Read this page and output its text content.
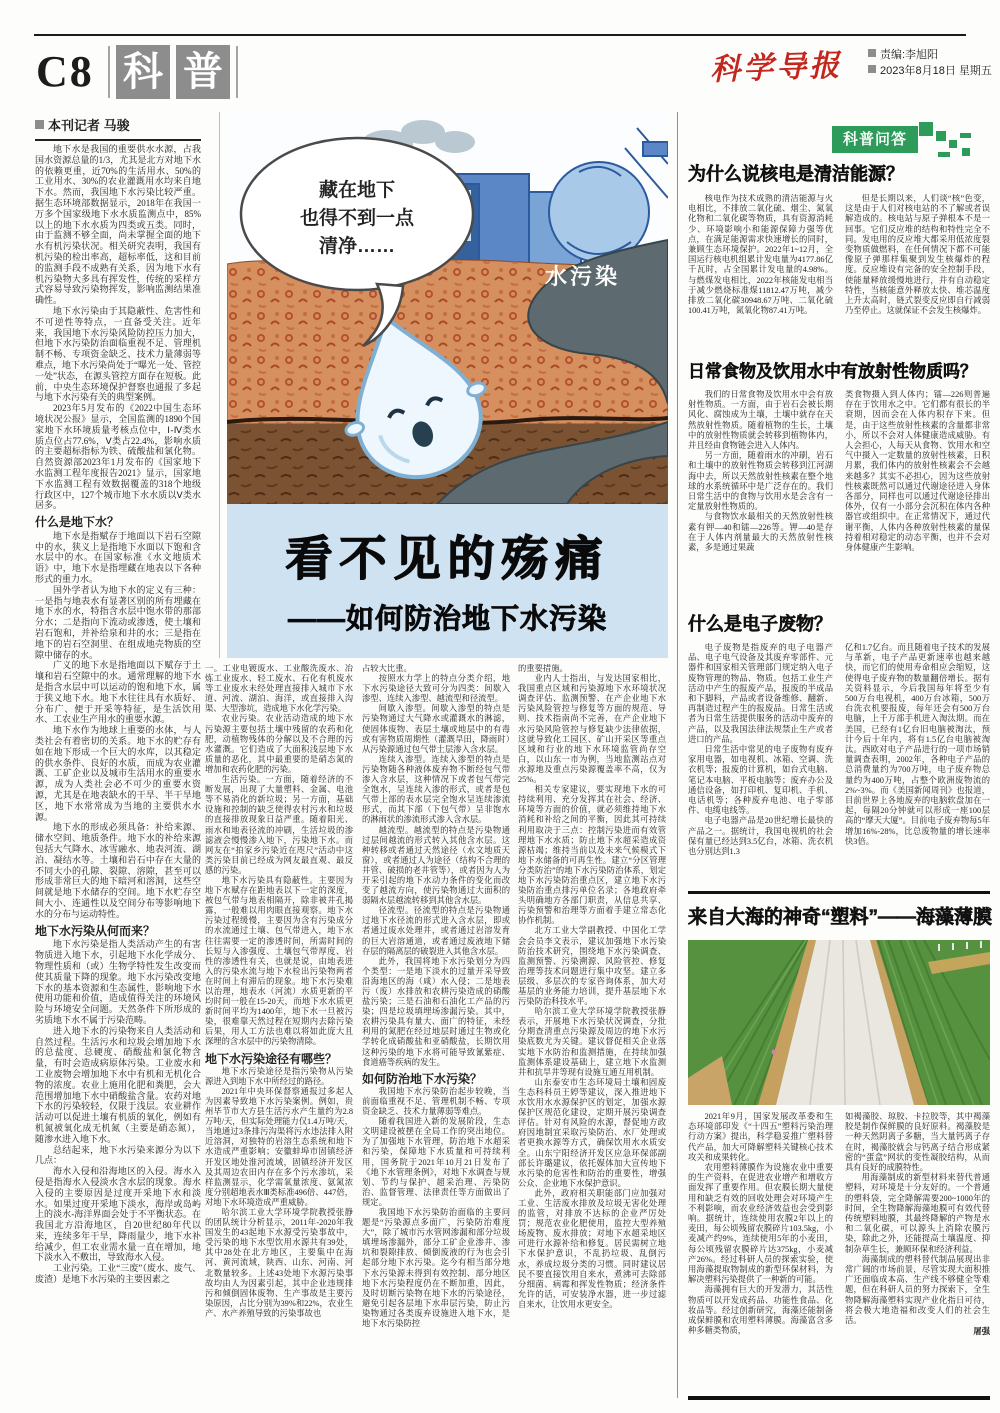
C8 科 普	科学导报	责编:李旭阳
2023年8月18日 星期五
本刊记者 马骏

地下水是我国的重要供水水源，占我国水资源总量的1/3，尤其是北方对地下水的依赖更重，近70%的生活用水、50%的工业用水、30%的农业灌溉用水均来自地下水。然而，我国地下水污染比较严重。据生态环境部数据显示，2018年在我国一万多个国家级地下水水质监测点中，85%以上的地下水水质为四类或五类。同时，由于监测不够全面，尚未掌握全面的地下水有机污染状况。相关研究表明，我国有机污染的检出率高，超标率低，这和目前的监测手段不成熟有关系，因为地下水有机污染物大多具有挥发性，传统的采样方式容易导致污染物挥发，影响监测结果准确性。

地下水污染由于其隐蔽性、危害性和不可逆性等特点，一直备受关注。近年来，我国地下水污染风险防控压力加大，但地下水污染防治面临重视不足、管理机制不畅、专项资金缺乏、技术力量薄弱等难点，地下水污染尚处于“曝光一处、管控一处”状态，在源头管控方面存在短板。此前，中央生态环境保护督察也通报了多起与地下水污染有关的典型案例。

2023年5月发布的《2022中国生态环境状况公报》显示，全国监测的1890个国家地下水环境质量考核点位中，Ⅰ-Ⅳ类水质点位占77.6%，Ⅴ类占22.4%，影响水质的主要超标指标为铁、硫酸盐和氯化物。自然资源部2023年1月发布的《国家地下水监测工程年度报告2021》显示，国家地下水监测工程有效数据覆盖的318个地级行政区中，127个城市地下水水质以Ⅴ类水居多。

什么是地下水？

地下水是指赋存于地面以下岩石空隙中的水，狭义上是指地下水面以下饱和含水层中的水。在国家标准《水文地质术语》中，地下水是指埋藏在地表以下各种形式的重力水。

国外学者认为地下水的定义有三种：一是指与地表水有显著区别的所有埋藏在地下水的水，特指含水层中饱水带的那部分水；二是指向下流动或渗透，使土壤和岩石饱和，并补给泉和井的水；三是指在地下的岩石空洞里、在组成地壳物质的空隙中储存的水。

广义的地下水是指地面以下赋存于土壤和岩石空隙中的水。通常理解的地下水是指含水层中可以运动的饱和地下水，属于狭义地下水。地下水往往具有水质好、分布广、便于开采等特征，是生活饮用水、工农业生产用水的重要水源。

地下水作为地球上重要的水体，与人类社会有着密切的关系。地下水的贮存有如在地下形成一个巨大的水库，以其稳定的供水条件、良好的水质，而成为农业灌溉、工矿企业以及城市生活用水的重要水源，成为人类社会必不可少的重要水资源，尤其是在地表缺水的干旱、半干旱地区，地下水常常成为当地的主要供水水源。

地下水的形成必须具备：补给来源、储水空间、地质条件。地下水的补给来源包括大气降水、冰雪融水、地表河流、湖泊、凝结水等。土壤和岩石中存在大量的不同大小的孔隙、裂隙、溶隙，甚至可以形成非常巨大的地下暗河和溶洞，这些空间就是地下水储存的空间。地下水贮存空间大小、连通性以及空间分布等影响地下水的分布与运动特性。

地下水污染从何而来？

地下水污染是指人类活动产生的有害物质进入地下水，引起地下水化学成分、物理性质和（或）生物学特性发生改变而使其质量下降的现象。地下水污染改变地下水的基本资源和生态属性，影响地下水使用功能和价值，造成值得关注的环境风险与环境安全问题。天然条件下所形成的劣质地下水不属于污染范畴。

进入地下水的污染物来自人类活动和自然过程。生活污水和垃圾会增加地下水的总盐度、总硬度、硝酸盐和氯化物含量，有时会造成病原体污染。工业废水和工业废物会增加地下水中有机和无机化合物的浓度。农业上施用化肥和粪肥，会大范围增加地下水中硝酸盐含量。农药对地下水的污染较轻，仅限于浅层。农业耕作活动可以促进土壤有机质的氧化，例如有机氮被氧化成无机氮（主要是硝态氮），随渗水进入地下水。

总结起来，地下水污染来源分为以下几点：

海水入侵和沿海地区的入侵。海水入侵是指海水入侵淡水含水层的现象。海水入侵的主要原因是过度开采地下水和淡水。如果过度开采地下淡水，海岸或岛屿上的淡水-海洋界面会处于不平衡状态。在我国北方沿海地区，自20世纪80年代以来，连续多年干旱，降雨量少，地下水补给减少，但工农业需水量一直在增加，地下淡水入不敷出，导致海水入侵。

工业污染。工业“三废”（废水、废气、废渣）是地下水污染的主要因素之

水污染
藏在地下
也得不到一点
清净……
看不见的殇痛
——如何防治地下水污染

一。工业电镀废水、工业酸洗废水、冶炼工业废水、轻工废水、石化有机废水等工业废水未经处理直接排入城市下水道、河流、湖泊、海洋，或直接排入沟渠、大型渗坑，造成地下水化学污染。

农业污染。农业活动造成的地下水污染源主要包括土壤中残留的农药和化肥，动植物残体的分解以及不合理的污水灌溉。它们造成了大面积浅层地下水质量的恶化，其中最重要的是硝态氮的增加和农药化肥的污染。

生活污染。一方面，随着经济的不断发展，出现了大量塑料、金属、电池等不易消化的新垃圾；另一方面，基础设施和控制的缺乏使得农村污水和垃圾的直接排放现象日益严重。随着阳光、雨水和地表径流的冲刷，生活垃圾的渗滤液会慢慢渗入地下，污染地下水。而网友在“拍家乡污染近在咫尺”活动中这类污染目前已经成为网友最直观、最反感的污染。

地下水污染具有隐蔽性。主要因为地下水赋存在距地表以下一定的深度，被包气带与地表相隔开，除非被井孔揭露，一般难以用肉眼直接观察。地下水污染过程缓慢，主要因为含有污染成分的水流通过土壤、包气带进入，地下水往往需要一定的渗透时间，所需时间的长短与入渗强度、土壤包气带厚度、岩性的渗透性有关，也就是说，由地表进入的污染水流与地下水检出污染物两者在时间上有滞后的现象。地下水污染难以治理，地表水（河流）水质更新的平均时间一般在15-20天，而地下水水质更新时间平均为1400年，地下水一旦被污染，很难靠天然过程在短期内去除污染后果，用人工方法也难以将如此庞大且深埋的含水层中的污染物清除。

地下水污染途径有哪些？

地下水污染途径是指污染物从污染源进入到地下水中所经过的路径。

2021年中央环保督察通报过多起人为因素导致地下水污染案例。例如，贵州毕节市大方县生活污水产生量约为2.8万吨/天，但实际处理能力仅1.4万吨/天，当地通过3条排污沟渠将污水违法排入附近溶洞，对独特的岩溶生态系统和地下水造成严重影响；安徽蚌埠市固镇经济开发区地处淮河流域，固镇经济开发区及其周边农田内存在多个污水渗坑，采样监测显示，化学需氧量浓度、氨氮浓度分别超地表水Ⅲ类标准496倍、447倍，对地下水环境造成严重威胁。

哈尔滨工业大学环境学院教授张静的团队统计分析显示，2011年-2020年我国发生的43起地下水源受污染事故中，受污染的地下水型饮用水源共有39处，其中28处在北方地区，主要集中在海河、黄河流域，陕西、山东、河南、河北数量较多。上述43处地下水源污染事故均由人为因素引起，其中企业违规排污和倾倒固体废物、生产事故是主要污染原因，占比分别为39%和22%，农业生产、水产养殖导致的污染事故也

占较大比重。

按照水力学上的特点分类介绍，地下水污染途径大致可分为四类：间歇入渗型、连续入渗型、越流型和径流型。

间歇入渗型。间歇入渗型的特点是污染物通过大气降水或灌溉水的淋滤，使固体废物、表层土壤或地层中的有毒或有害物质周期性（灌溉旱田，降雨时）从污染源通过包气带土层渗入含水层。

连续入渗型。连续入渗型的特点是污染物随各种液体废弃物不断经包气带渗入含水层，这种情况下或者包气带完全饱水，呈连续入渗的形式，或者是包气带上部的表水层完全饱水呈连续渗流形式，而其下部（下包气带）呈非饱水的淋雨状的渗流形式渗入含水层。

越流型。越流型的特点是污染物通过层间越流的形式转入其他含水层。这种转移或者通过天然途径（水文地质天窗），或者通过人为途径（结构不合理的井管、破损的老井管等），或者因为人为开采引起的地下水动力条件的变化而改变了越流方向，使污染物通过大面积的弱隔水层越流转移到其他含水层。

径流型。径流型的特点是污染物通过地下水径流的形式进入含水层，即或者通过废水处理井，或者通过岩溶发育的巨大岩溶通道，或者通过废液地下储存层的隔离层的破裂进入其他含水层。

此外，我国将地下水污染划分为四个类型：一是地下淡水的过量开采导致沿海地区的海（咸）水入侵；二是地表污（废）水排放和农耕污染造成的硝酸盐污染；三是石油和石油化工产品的污染；四是垃圾填埋场渗漏污染。其中，农耕污染具有量大、面广的特征，未经利用的氮肥在经过地层时通过生物或化学转化成硝酸盐和亚硝酸盐，长期饮用这种污染的地下水将可能导致氰紫症、食道癌等疾病的发生。

如何防治地下水污染？

我国地下水污染防治起步较晚，当前面临重视不足、管理机制不畅、专项资金缺乏、技术力量薄弱等难点。

随着我国进入新的发展阶段，生态文明建设被摆在全局工作的突出地位。为了加强地下水管理，防治地下水超采和污染，保障地下水质量和可持续利用，国务院于2021年10月21日发布了《地下水管理条例》，对地下水调查与规划、节约与保护、超采治理、污染防治、监督管理、法律责任等方面做出了规定。

我国地下水污染防治面临的主要问题是“污染源点多面广，污染防治难度大”，除了城市污水管网渗漏和部分垃圾填埋场渗漏外，部分工矿企业渗井、渗坑和裂隙排放、倾倒废液的行为也会引起部分地下水污染。迄今有相当部分地下水污染源未得到有效控制、部分地区地下水污染程度仍在不断加重，因此，及时切断污染物在地下水的污染途径，避免引起各层地下水串层污染，防止污染物通过各类废弃设施进入地下水，是地下水污染防控

的重要措施。

业内人士指出，与发达国家相比，我国重点区域和污染源地下水环境状况调查评估、监测预警、在产企业地下水污染风险管控与修复等方面的规范、导则、技术指南尚不完善，在产企业地下水污染风险管控与修复缺少法律依据，这就导致化工园区、矿山开采区等重点区域和行业的地下水环境监管尚存空白，以山东一市为例，当地监测站点对水源地及重点污染源覆盖率不高，仅为25%。

相关专家建议，要实现地下水的可持续利用、充分发挥其在社会、经济、环境等方面的价值，就必须维持地下水消耗和补给之间的平衡，因此其可持续利用取决于三点：控制污染进而有效管理地下水水质；防止地下水超采造成资源枯竭；维持当前以及未来气候模式下地下水储备的可再生性。建立“分区管理 分类防治”的地下水污染防治体系，划定地下水污染防治重点区，建立地下水污染防治重点排污单位名录；各地政府牵头明确地方各部门职责，从信息共享、污染预警和治理等方面着手建立常态化协作机制。

北方工业大学副教授、中国化工学会会员李文表示，建议加强地下水污染防治技术研究，围绕地下水污染调查、监测预警、污染溯源、风险管控、修复治理等技术问题进行集中攻坚。建立多层级、多层次的专家咨询体系，加大对基层的业务能力培训，提升基层地下水污染防治科技水平。

哈尔滨工业大学环境学院教授张静表示，开展地下水污染状况调查，分批分期查清重点污染源及周边的地下水污染底数尤为关键。建议督促相关企业落实地下水防治和监测措施，在持续加强监测体系建设基础上，建立地下水监测井和抗旱井等现有设施互通互用机制。

山东泰安市生态环境局土壤和固废生态科科员王婷等建议，深入推进地下水饮用水水源保护区的划定，加强水源保护区规范化建设，定期开展污染调查评估。针对有风险的水源，督促地方政府因地制宜采取污染防治、水厂处理或者更换水源等方式，确保饮用水水质安全。山东宁阳经济开发区应急环保部副部长许璐建议，依托媒体加大宣传地下水污染的危害性和防治的重要性，增强公众、企业地下水保护意识。

此外，政府相关职能部门应加强对工业、生活废水排放及垃圾无害化处理的监管，对排放不达标的企业严厉处罚；规范农业化肥使用，监控大型养殖场废物、废水排放；对地下水超采地区可进行水源补给和修复。居民需树立地下水保护意识，不乱扔垃圾、乱倒污水，养成垃圾分类的习惯。同时建议居民不要直接饮用自来水，煮沸可去除部分细菌、病霉和挥发性物质；经济条件允许的话，可安装净水器，进一步过滤自来水，让饮用水更安全。

科普问答
为什么说核电是清洁能源？

核电作为技术成熟的清洁能源与火电相比，不排放二氧化硫、烟尘、氮氧化物和二氧化碳等物质，具有资源消耗少、环境影响小和能源保障力强等优点，在满足能源需求快速增长的同时，兼顾生态环境保护。2022年1~12月，全国运行核电机组累计发电量为4177.86亿千瓦时，占全国累计发电量的4.98%。与燃煤发电相比，2022年核能发电相当于减少燃烧标准煤11812.47万吨，减少排放二氧化碳30948.67万吨、二氧化硫100.41万吨，氮氧化物87.41万吨。

但是长期以来，人们谈“核”色变，这是由于人们对核电站的不了解或者误解造成的。核电站与原子弹根本不是一回事。它们反应堆的结构和特性完全不同。发电用的反应堆大都采用低浓度裂变物质做燃料，在任何情况下都不可能像原子弹那样集聚到发生核爆炸的程度。反应堆设有完备的安全控制手段，使能量释放缓慢地进行，并有自动稳定特性，当核能意外释放太快、堆芯温度上升太高时，链式裂变反应即自行减弱乃至停止。这就保证不会发生核爆炸。

日常食物及饮用水中有放射性物质吗？

我们的日常食物及饮用水中会有放射性物质。一方面，由于岩石会被长期风化、腐蚀成为土壤，土壤中就存在天然放射性物质。随着植物的生长，土壤中的放射性物质就会转移到植物体内，并且经由食物链会进入人体内。

另一方面，随着雨水的冲刷，岩石和土壤中的放射性物质会转移到江河湖海中去，所以天然放射性核素在整个地球的水系统循环中是广泛存在的。我们日常生活中的食物与饮用水是会含有一定量放射性物质的。

与食物饮水最相关的天然放射性核素有钾—40和镭—226等。钾—40是存在于人体内剂量最大的天然放射性核素，多是通过果蔬

类食物摄入到人体内；镭—226则普遍存在于饮用水之中。它们都有很长的半衰期，因而会在人体内积存下来。但是，由于这些放射性核素的含量都非常小，所以不会对人体健康造成威胁。有人会担心，人每天从食物、饮用水和空气中摄入一定数量的放射性核素，日积月累，我们体内的放射性核素会不会越来越多？其实不必担心，因为这些放射性核素既然可以通过代谢途径进入身体各部分，同样也可以通过代谢途径排出体外，仅有一小部分会沉积在体内各种器官或组织中。在正常情况下，通过代谢平衡，人体内各种放射性核素的量保持着相对稳定的动态平衡，也并不会对身体健康产生影响。

什么是电子废物？

电子废物是指废弃的电子电器产品、电子电气设备及其废弃零部件、元器件和国家相关管理部门规定纳入电子废物管理的物品、物质。包括工业生产活动中产生的报废产品，报废的半成品和下脚料，产品或者设备维修、翻新、再制造过程产生的报废品。日常生活或者为日常生活提供服务的活动中废弃的产品，以及我国法律法规禁止生产或者进口的产品。

日常生活中常见的电子废物有废弃家用电器，如电视机、冰箱、空调、洗衣机等；报废的计算机，如台式电脑、笔记本电脑、平板电脑等；废弃办公及通信设备，如打印机、复印机、手机、电话机等；各种废弃电池、电子零部件、电缆电线等。

电子电器产品是20世纪增长最快的产品之一。据统计，我国电视机的社会保有量已经达到3.5亿台，冰箱、洗衣机也分别达到1.3

亿和1.7亿台。而且随着电子技术的发展与革新，电子产品更新速率也越来越快，而它们的使用寿命相应会缩短，这使得电子废弃物的数量翻倍增长。据有关资料显示，今后我国每年将至少有500万台电视机，400万台冰箱，500万台洗衣机要报废，每年还会有500万台电脑，上千万部手机进入淘汰期。而在美国，已经有1亿台旧电脑被淘汰，预计今后十年内，将有1.5亿台电脑被淘汰。西欧对电子产品进行的一项市场销量调查表明，2002年，各种电子产品的总消费量约为700万吨，电子废弃物总量约为400万吨，占整个欧洲废物流的2%~3%。而《美国新闻周刊》也报道，目前世界上各地废弃的电脑软盘加在一起，每隔20分钟就可以形成一座100层高的“摩天大厦”。目前电子废弃物每5年增加16%-28%，比总废物量的增长速率快3倍。

来自大海的神奇“塑料”——海藻薄膜

2021年9月，国家发展改革委和生态环境部印发《“十四五”塑料污染治理行动方案》提出，科学稳妥推广塑料替代产品，加大可降解塑料关键核心技术攻关和成果转化。

农用塑料薄膜作为设施农业中重要的生产资料，在促进农业增产和增收方面发挥了重要作用。但农膜长期大量使用和缺乏有效的回收处理会对环境产生不利影响，而农业经济效益也会受到影响。据统计，连续使用农膜2年以上的麦田，每公顷残留农膜碎片103.5kg，小麦减产约9%，连续使用5年的小麦田，每公顷残留农膜碎片达375kg，小麦减产26%。经过科研人员的探索实验，使用海藻提取物制成的新型环保材料，为解决塑料污染提供了一种新的可能。

海藻拥有巨大的开发潜力，其活性物质可以开发成药品、功能性食品、化妆品等。经过创新研究，海藻还能制备成保鲜膜和农用塑料薄膜。海藻富含多种多糖类物质，

如褐藻胶、琼胶、卡拉胶等，其中褐藻胶是制作保鲜膜的良好原料。褐藻胶是一种天然阴离子多糖，当大量钙离子存在时，褐藻胶就会与钙离子结合形成紧密的“蛋盒”网状的变性凝胶结构，从而具有良好的成膜特性。

用海藻制成的新型材料来替代普通塑料，对环境是十分友好的。一个普通的塑料袋，完全降解需要200~1000年的时间，全生物降解海藻地膜可有效代替传统塑料地膜，其最终降解的产物是水和二氧化碳，可以源头上消除农膜污染，除此之外，还能提高土壤温度、抑制杂草生长，兼顾环保和经济利益。

海藻制成的塑料替代制品展现出非常广阔的市场前景，尽管实现大面积推广还面临成本高、生产线不够健全等难题，但在科研人员的努力探索下，全生物降解海藻塑料实现产业化指日可待，将会极大地造福和改变人们的社会生活。

屠强
